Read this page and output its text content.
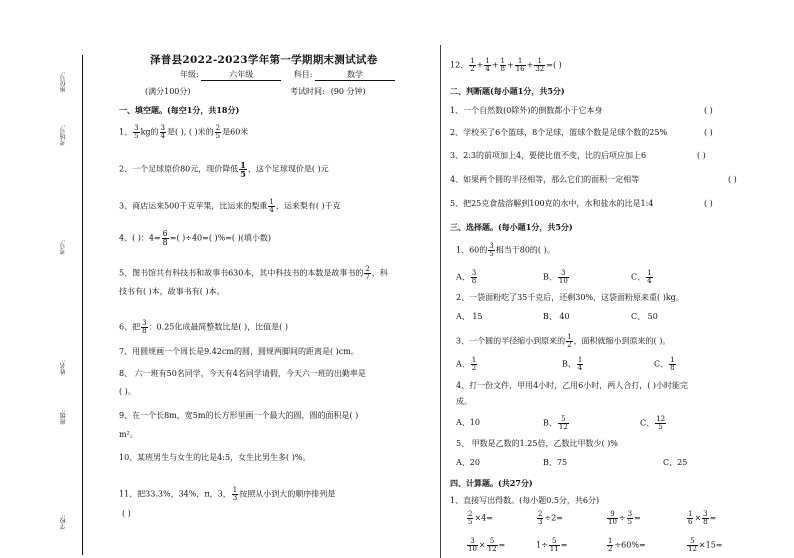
座位号:
考场号:
考号:
姓名:
班级:
学校:
泽普县2022-2023学年第一学期期末测试试卷
年级:	六年级	科目:	数学
(满分100分)	考试时间: (90 分钟)
一、填空题。(每空1分，共18分)
1、 $\frac{3}{5}$ kg的 $\frac{3}{4}$ 是( ), ( )米的 $\frac{2}{5}$ 是60米
2、一个足球原价80元，现价降低 $\frac{1}{5}$ ，这个足球现价是( )元
3、商店运来500千克苹果，比运来的梨重 $\frac{1}{4}$ ，运来梨有( )千克
4、( )：$4= \frac{6}{8}$ =( )÷40=( )%=( )(填小数)
5、图书馆共有科技书和故事书630本，其中科技书的本数是故事书的 $\frac{2}{7}$ ，科
技书有( )本，故事书有( )本。
6、把 $\frac{3}{8}$ ：0.25化成最简整数比是( )，比值是( )
7、用圆规画一个周长是9.42cm的圆，圆规两脚间的距离是( )cm。
8、 六一班有50名同学，今天有4名同学请假，今天六一班的出勤率是
( )。
9、在一个长8m，宽5m的长方形里画一个最大的圆，圆的面积是( )
m²。
10、某班男生与女生的比是4:5，女生比男生多( )%。
11、把33.3%，34%，π，3， $\frac{1}{3}$ 按照从小到大的顺序排列是
( )
12、 $\frac{1}{2} + \frac{1}{4} + \frac{1}{8} + \frac{1}{16} + \frac{1}{32}$ =( )
二、判断题(每小题1分，共5分)
1、一个自然数(0除外)的倒数都小于它本身	( )
2、学校买了6个篮球，8个足球，篮球个数是足球个数的25%	( )
3、2:3的前项加上4，要使比值不变，比的后项应加上6	( )
4、如果两个圆的半径相等，那么它们的面积一定相等	( )
5、把25克食盐溶解到100克的水中，水和盐水的比是1:4	( )
三、选择题。(每小题1分，共5分)
1、60的 $\frac{3}{5}$ 相当于80的( )。
A、 $\frac{3}{8}$	B、 $\frac{3}{10}$	C、 $\frac{1}{4}$
2、一袋面粉吃了35千克后，还剩30%，这袋面粉原来重( )kg。
A、 15	B、 40	C、 50
3、一个圆的半径缩小到原来的 $\frac{1}{2}$ ，面积就缩小到原来的( )。
A、 $\frac{1}{2}$	B、 $\frac{1}{4}$	C、 $\frac{1}{8}$
4、打一份文件，甲用4小时，乙用6小时，两人合打，( )小时能完
成。
A、10	B、 $\frac{5}{12}$	C、 $\frac{12}{5}$
5、 甲数是乙数的1.25倍，乙数比甲数少( )%
A、20	B、75	C、25
四、计算题。(共27分)
1、直接写出得数。(每小题0.5分，共6分)
$\frac{2}{5} \times 4=$	$\frac{2}{3} \div 2=$	$\frac{9}{10} \div \frac{3}{5}$ =	$\frac{1}{6} \times \frac{3}{8}$ =
$\frac{3}{10} \times \frac{5}{12}$ =	$1\div \frac{5}{11}$ =	$\frac{1}{2} \div 60\%=$	$\frac{5}{12} \times 15=$
